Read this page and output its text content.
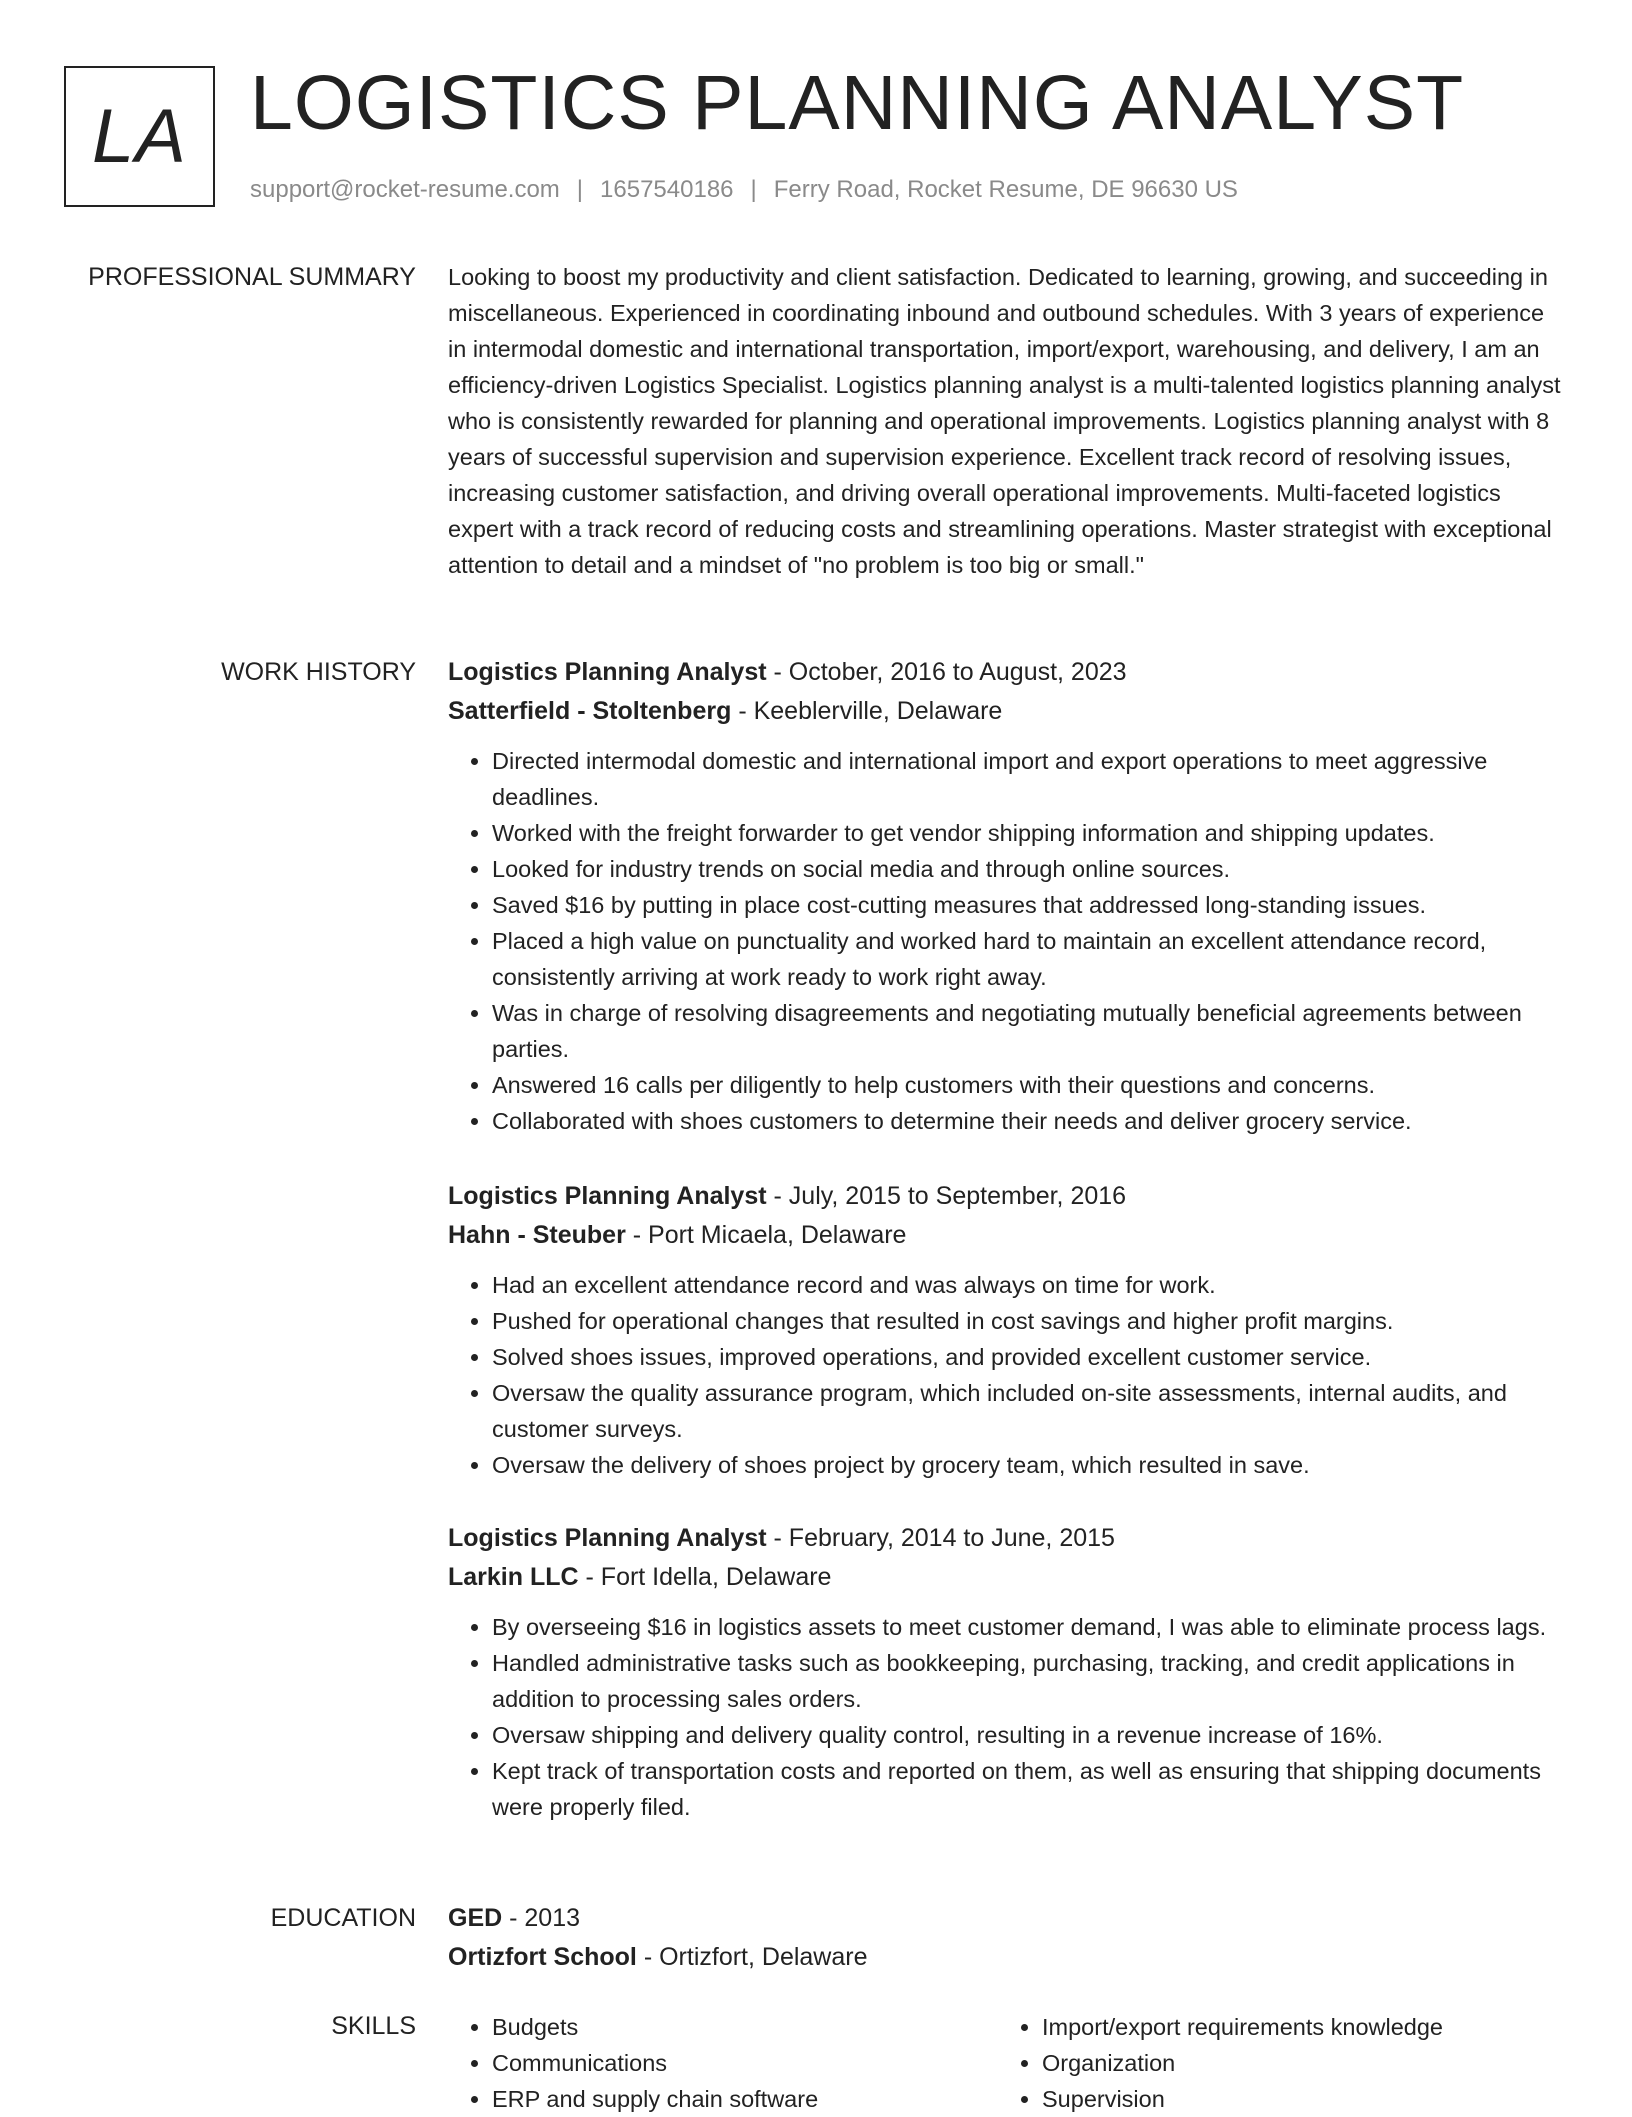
LA LOGISTICS PLANNING ANALYST
support@rocket-resume.com | 1657540186 | Ferry Road, Rocket Resume, DE 96630 US
PROFESSIONAL SUMMARY Looking to boost my productivity and client satisfaction. Dedicated to learning, growing, and succeeding in miscellaneous. Experienced in coordinating inbound and outbound schedules. With 3 years of experience in intermodal domestic and international transportation, import/export, warehousing, and delivery, I am an efficiency-driven Logistics Specialist. Logistics planning analyst is a multi-talented logistics planning analyst who is consistently rewarded for planning and operational improvements. Logistics planning analyst with 8 years of successful supervision and supervision experience. Excellent track record of resolving issues, increasing customer satisfaction, and driving overall operational improvements. Multi-faceted logistics expert with a track record of reducing costs and streamlining operations. Master strategist with exceptional attention to detail and a mindset of "no problem is too big or small."

WORK HISTORY Logistics Planning Analyst - October, 2016 to August, 2023

Satterfield - Stoltenberg - Keeblerville, Delaware

• Directed intermodal domestic and international import and export operations to meet aggressive deadlines.
• Worked with the freight forwarder to get vendor shipping information and shipping updates.
• Looked for industry trends on social media and through online sources.
• Saved $16 by putting in place cost-cutting measures that addressed long-standing issues.
• Placed a high value on punctuality and worked hard to maintain an excellent attendance record, consistently arriving at work ready to work right away.
• Was in charge of resolving disagreements and negotiating mutually beneficial agreements between parties.
• Answered 16 calls per diligently to help customers with their questions and concerns.
• Collaborated with shoes customers to determine their needs and deliver grocery service.

Logistics Planning Analyst - July, 2015 to September, 2016

Hahn - Steuber - Port Micaela, Delaware

• Had an excellent attendance record and was always on time for work.
• Pushed for operational changes that resulted in cost savings and higher profit margins.
• Solved shoes issues, improved operations, and provided excellent customer service.
• Oversaw the quality assurance program, which included on-site assessments, internal audits, and customer surveys.
• Oversaw the delivery of shoes project by grocery team, which resulted in save.

Logistics Planning Analyst - February, 2014 to June, 2015

Larkin LLC - Fort Idella, Delaware

• By overseeing $16 in logistics assets to meet customer demand, I was able to eliminate process lags.
• Handled administrative tasks such as bookkeeping, purchasing, tracking, and credit applications in addition to processing sales orders.
• Oversaw shipping and delivery quality control, resulting in a revenue increase of 16%.
• Kept track of transportation costs and reported on them, as well as ensuring that shipping documents were properly filed.
EDUCATION GED - 2013

Ortizfort School - Ortizfort, Delaware

SKILLS
•	Budgets
• Communications
• ERP and supply chain software
• Import/export requirements knowledge
• Organization
• Supervision
